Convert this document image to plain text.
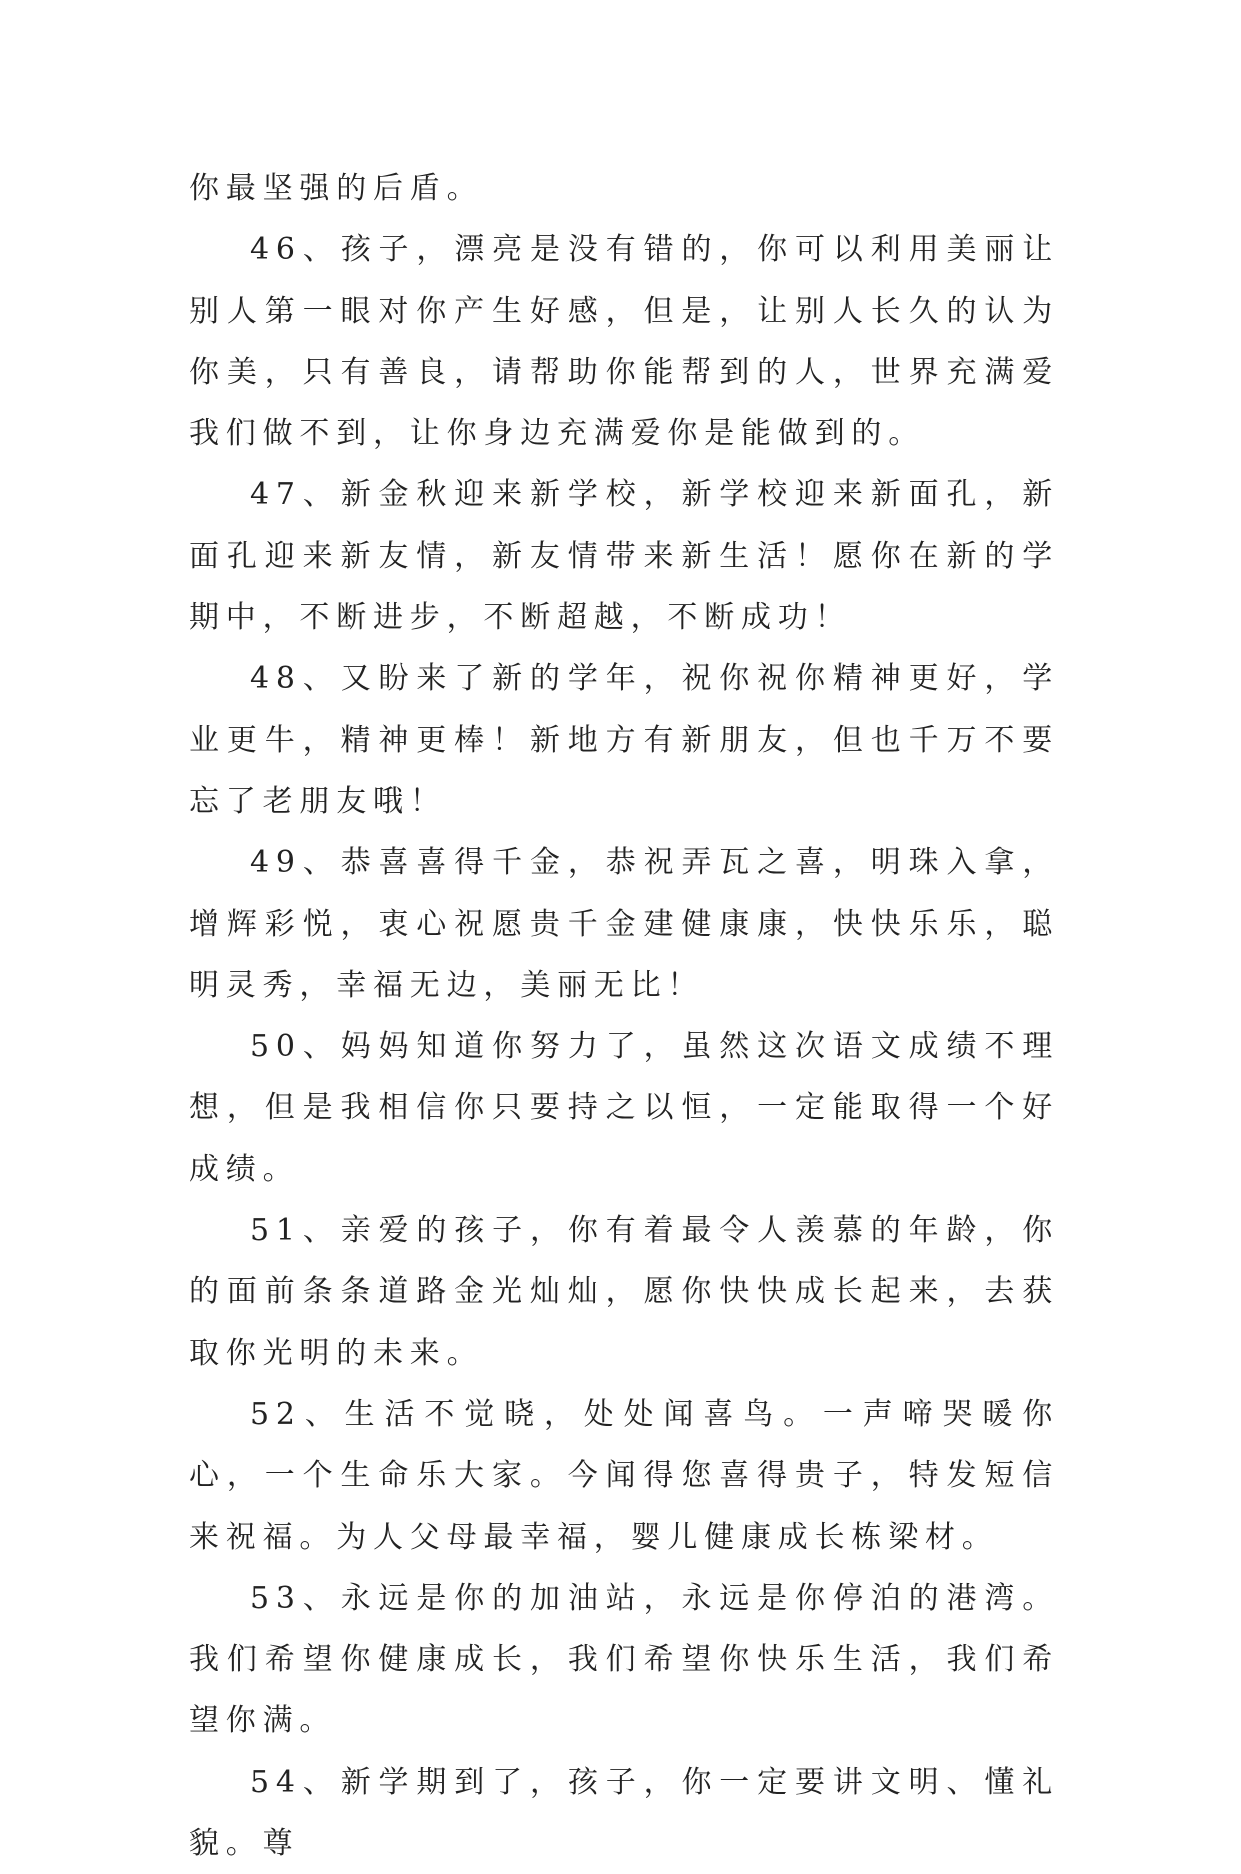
你最坚强的后盾。

46、孩子，漂亮是没有错的，你可以利用美丽让别人第一眼对你产生好感，但是，让别人长久的认为你美，只有善良，请帮助你能帮到的人，世界充满爱我们做不到，让你身边充满爱你是能做到的。

47、新金秋迎来新学校，新学校迎来新面孔，新面孔迎来新友情，新友情带来新生活！愿你在新的学期中，不断进步，不断超越，不断成功！

48、又盼来了新的学年，祝你祝你精神更好，学业更牛，精神更棒！新地方有新朋友，但也千万不要忘了老朋友哦！

49、恭喜喜得千金，恭祝弄瓦之喜，明珠入拿，增辉彩悦，衷心祝愿贵千金建健康康，快快乐乐，聪明灵秀，幸福无边，美丽无比！

50、妈妈知道你努力了，虽然这次语文成绩不理想，但是我相信你只要持之以恒，一定能取得一个好成绩。

51、亲爱的孩子，你有着最令人羡慕的年龄，你的面前条条道路金光灿灿，愿你快快成长起来，去获取你光明的未来。

52、生活不觉晓，处处闻喜鸟。一声啼哭暖你心，一个生命乐大家。今闻得您喜得贵子，特发短信来祝福。为人父母最幸福，婴儿健康成长栋梁材。

53、永远是你的加油站，永远是你停泊的港湾。我们希望你健康成长，我们希望你快乐生活，我们希望你满。

54、新学期到了，孩子，你一定要讲文明、懂礼貌。尊
